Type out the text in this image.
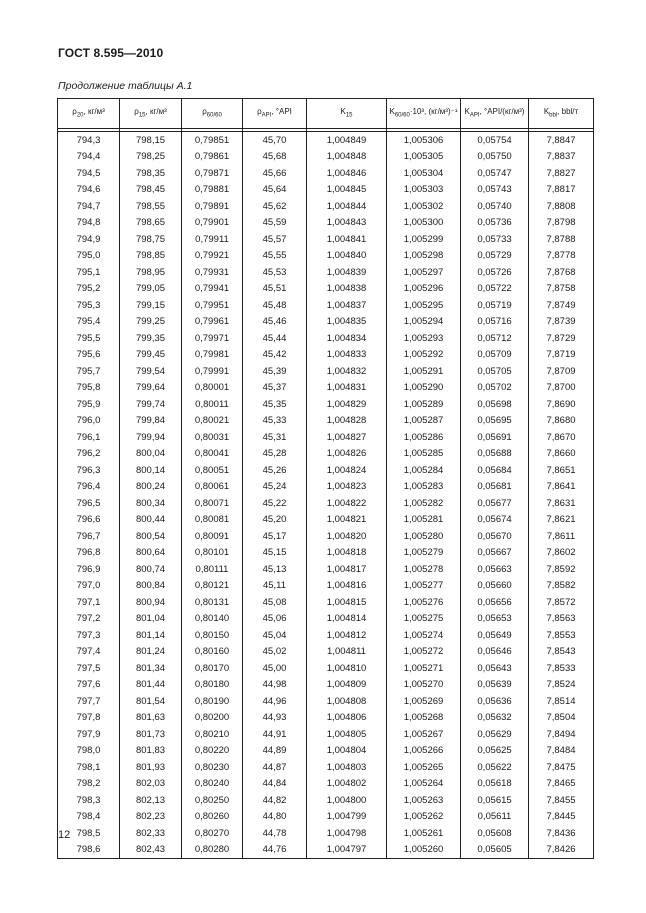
ГОСТ 8.595—2010
Продолжение таблицы А.1
$\rho_{20}$, кг/м³	$\rho_{15}$, кг/м³	$\rho_{60/60}$	$\rho_{API}$, °API	$K_{15}$	$K_{60/60}\cdot 10^3$, (кг/м³)⁻¹	$K_{API}$, °API/(кг/м³)	$K_{bbl}$, bbl/т

794,3	798,15	0,79851	45,70	1,004849	1,005306	0,05754	7,8847
794,4	798,25	0,79861	45,68	1,004848	1,005305	0,05750	7,8837
794,5	798,35	0,79871	45,66	1,004846	1,005304	0,05747	7,8827
794,6	798,45	0,79881	45,64	1,004845	1,005303	0,05743	7,8817
794,7	798,55	0,79891	45,62	1,004844	1,005302	0,05740	7,8808
794,8	798,65	0,79901	45,59	1,004843	1,005300	0,05736	7,8798
794,9	798,75	0,79911	45,57	1,004841	1,005299	0,05733	7,8788
795,0	798,85	0,79921	45,55	1,004840	1,005298	0,05729	7,8778
795,1	798,95	0,79931	45,53	1,004839	1,005297	0,05726	7,8768
795,2	799,05	0,79941	45,51	1,004838	1,005296	0,05722	7,8758
795,3	799,15	0,79951	45,48	1,004837	1,005295	0,05719	7,8749
795,4	799,25	0,79961	45,46	1,004835	1,005294	0,05716	7,8739
795,5	799,35	0,79971	45,44	1,004834	1,005293	0,05712	7,8729
795,6	799,45	0,79981	45,42	1,004833	1,005292	0,05709	7,8719
795,7	799,54	0,79991	45,39	1,004832	1,005291	0,05705	7,8709
795,8	799,64	0,80001	45,37	1,004831	1,005290	0,05702	7,8700
795,9	799,74	0,80011	45,35	1,004829	1,005289	0,05698	7,8690
796,0	799,84	0,80021	45,33	1,004828	1,005287	0,05695	7,8680
796,1	799,94	0,80031	45,31	1,004827	1,005286	0,05691	7,8670
796,2	800,04	0,80041	45,28	1,004826	1,005285	0,05688	7,8660
796,3	800,14	0,80051	45,26	1,004824	1,005284	0,05684	7,8651
796,4	800,24	0,80061	45,24	1,004823	1,005283	0,05681	7,8641
796,5	800,34	0,80071	45,22	1,004822	1,005282	0,05677	7,8631
796,6	800,44	0,80081	45,20	1,004821	1,005281	0,05674	7,8621
796,7	800,54	0,80091	45,17	1,004820	1,005280	0,05670	7,8611
796,8	800,64	0,80101	45,15	1,004818	1,005279	0,05667	7,8602
796,9	800,74	0,80111	45,13	1,004817	1,005278	0,05663	7,8592
797,0	800,84	0,80121	45,11	1,004816	1,005277	0,05660	7,8582
797,1	800,94	0,80131	45,08	1,004815	1,005276	0,05656	7,8572
797,2	801,04	0,80140	45,06	1,004814	1,005275	0,05653	7,8563
797,3	801,14	0,80150	45,04	1,004812	1,005274	0,05649	7,8553
797,4	801,24	0,80160	45,02	1,004811	1,005272	0,05646	7,8543
797,5	801,34	0,80170	45,00	1,004810	1,005271	0,05643	7,8533
797,6	801,44	0,80180	44,98	1,004809	1,005270	0,05639	7,8524
797,7	801,54	0,80190	44,96	1,004808	1,005269	0,05636	7,8514
797,8	801,63	0,80200	44,93	1,004806	1,005268	0,05632	7,8504
797,9	801,73	0,80210	44,91	1,004805	1,005267	0,05629	7,8494
798,0	801,83	0,80220	44,89	1,004804	1,005266	0,05625	7,8484
798,1	801,93	0,80230	44,87	1,004803	1,005265	0,05622	7,8475
798,2	802,03	0,80240	44,84	1,004802	1,005264	0,05618	7,8465
798,3	802,13	0,80250	44,82	1,004800	1,005263	0,05615	7,8455
798,4	802,23	0,80260	44,80	1,004799	1,005262	0,05611	7,8445
798,5	802,33	0,80270	44,78	1,004798	1,005261	0,05608	7,8436
798,6	802,43	0,80280	44,76	1,004797	1,005260	0,05605	7,8426
12
